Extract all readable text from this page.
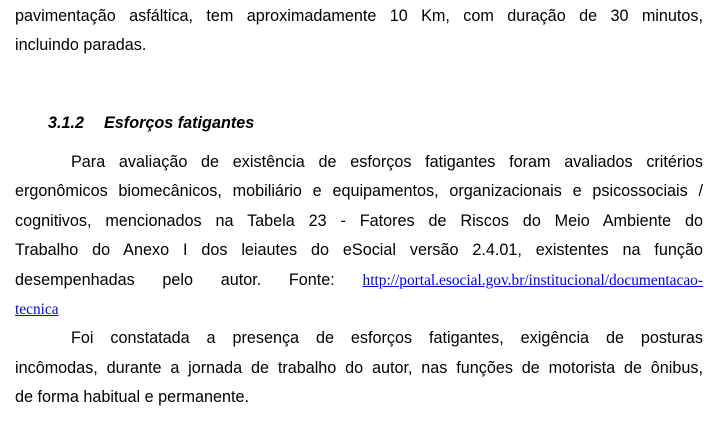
pavimentação asfáltica, tem aproximadamente 10 Km, com duração de 30 minutos,
incluindo paradas.
3.1.2 Esforços fatigantes
Para avaliação de existência de esforços fatigantes foram avaliados critérios
ergonômicos biomecânicos, mobiliário e equipamentos, organizacionais e psicossociais /
cognitivos, mencionados na Tabela 23 - Fatores de Riscos do Meio Ambiente do
Trabalho do Anexo I dos leiautes do eSocial versão 2.4.01, existentes na função
desempenhadas pelo autor. Fonte: http://portal.esocial.gov.br/institucional/documentacao-
tecnica
Foi constatada a presença de esforços fatigantes, exigência de posturas
incômodas, durante a jornada de trabalho do autor, nas funções de motorista de ônibus,
de forma habitual e permanente.
